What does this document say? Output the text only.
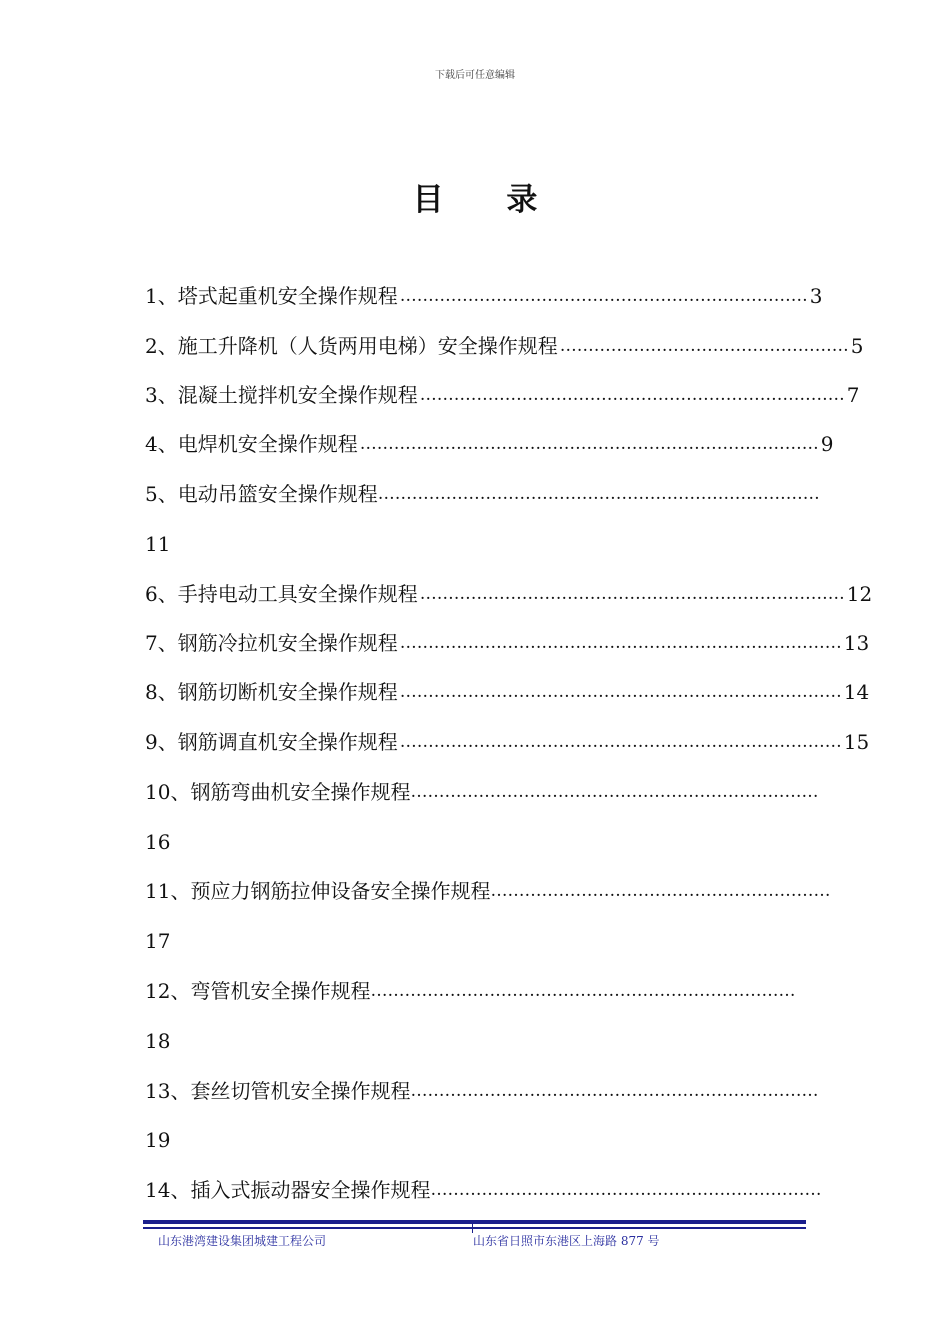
下载后可任意编辑
目 录
1、塔式起重机安全操作规程 ……………………………………………………………… 3
2、施工升降机（人货两用电梯）安全操作规程 …………………………………………… 5
3、混凝土搅拌机安全操作规程 ………………………………………………………………… 7
4、电焊机安全操作规程 ……………………………………………………………………… 9
5、电动吊篮安全操作规程 ……………………………………………………………………
11
6、手持电动工具安全操作规程 ………………………………………………………………… 12
7、钢筋冷拉机安全操作规程 …………………………………………………………………… 13
8、钢筋切断机安全操作规程 …………………………………………………………………… 14
9、钢筋调直机安全操作规程 …………………………………………………………………… 15
10、钢筋弯曲机安全操作规程 ………………………………………………………………
16
11、预应力钢筋拉伸设备安全操作规程 ……………………………………………………
17
12、弯管机安全操作规程 …………………………………………………………………
18
13、套丝切管机安全操作规程 ………………………………………………………………
19
14、插入式振动器安全操作规程 ……………………………………………………………
山东港湾建设集团城建工程公司	山东省日照市东港区上海路 877 号
